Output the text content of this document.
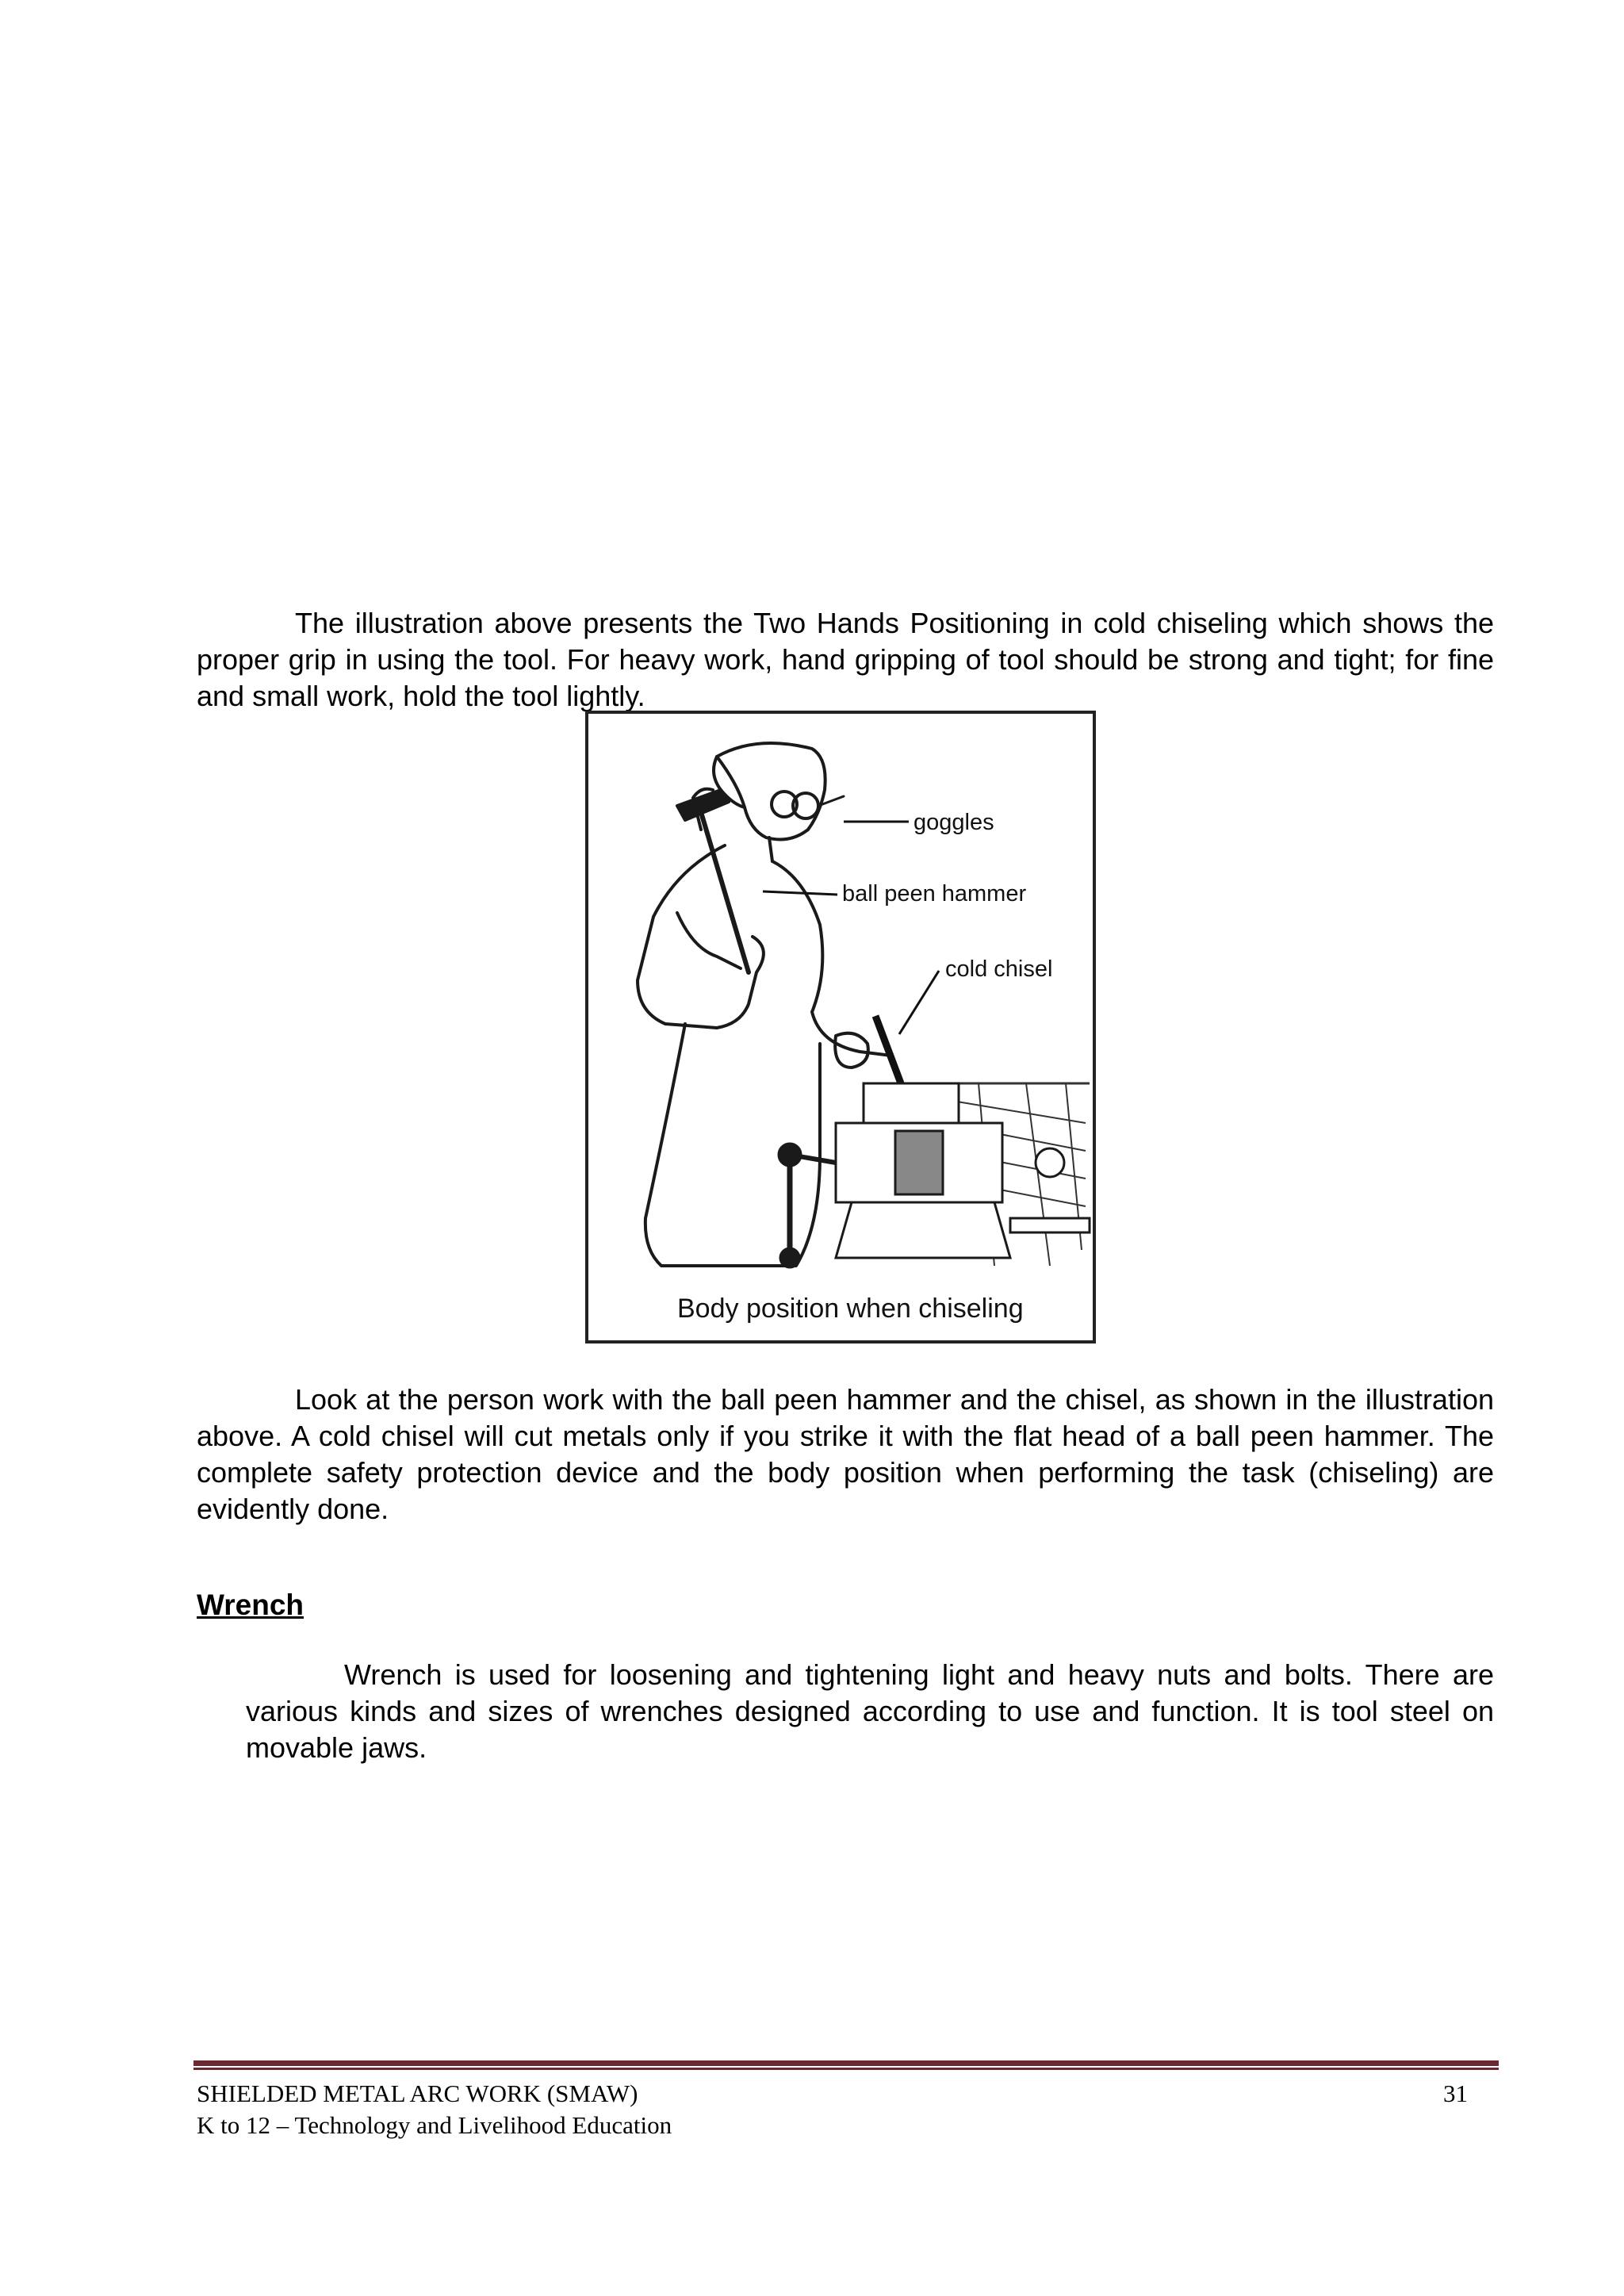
The illustration above presents the Two Hands Positioning in cold chiseling which shows the proper grip in using the tool. For heavy work, hand gripping of tool should be strong and tight; for fine and small work, hold the tool lightly.

goggles
ball peen hammer
cold chisel
Body position when chiseling

Look at the person work with the ball peen hammer and the chisel, as shown in the illustration above. A cold chisel will cut metals only if you strike it with the flat head of a ball peen hammer. The complete safety protection device and the body position when performing the task (chiseling) are evidently done.

Wrench

Wrench is used for loosening and tightening light and heavy nuts and bolts. There are various kinds and sizes of wrenches designed according to use and function. It is tool steel on movable jaws.

SHIELDED METAL ARC WORK (SMAW)

K to 12 – Technology and Livelihood Education

31
